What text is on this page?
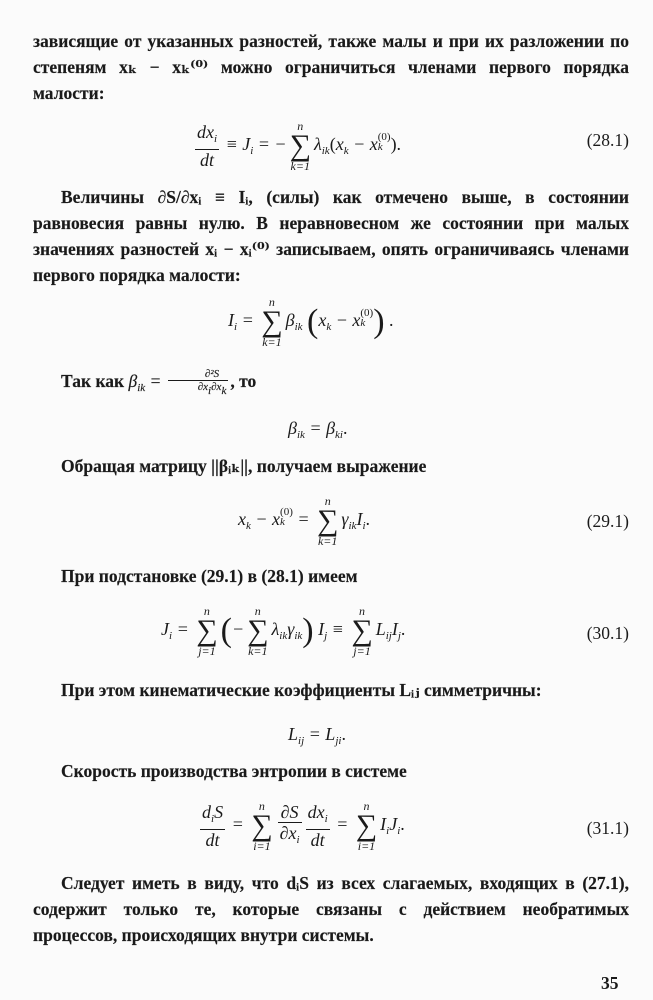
зависящие от указанных разностей, также малы и при их разложении по степеням xₖ − xₖ⁽⁰⁾ можно ограничиться членами первого порядка малости:
$\frac{dx_i}{dt} \equiv J_i$ = −
n
∑
k=1
$\lambda_{ik}(x_k - x$ (0)
k ).	(28.1)
Величины ∂S/∂xᵢ ≡ Iᵢ, (силы) как отмечено выше, в состоянии равновесия равны нулю. В неравновесном же состоянии при малых значениях разностей xᵢ − xᵢ⁽⁰⁾ записываем, опять ограничиваясь членами первого порядка малости:
$I_i$ =
n
∑
k=1
$\beta_{ik}$ ($x_k - x$ (0)
k ) .
Так как $\beta_{ik} = \frac{\text{∂²S}}{\partial xi\partial xk}$ , то
$\beta_{ik} = \beta_{ki}$.
Обращая матрицу ||βᵢₖ||, получаем выражение
$x_k - x$ (0)
k =
n
∑
k=1
$\gamma_{ik}I_i$.	(29.1)
При подстановке (29.1) в (28.1) имеем
$J_i$ =
n
∑
j=1
(−
n
∑
k=1
$\lambda_{ik}\gamma_{ik}$) $I_j$ ≡
n
∑
j=1
$L_{ij}I_j$.	(30.1)
При этом кинематические коэффициенты Lᵢⱼ симметричны:
$L_{ij} = L_{ji}$.
Скорость производства энтропии в системе
$\frac{d_iS}{dt}$ =
n
∑
$i=1 \frac{\partial S}{\partial x_i} \frac{dx_i}{dt}$ =
n
∑
i=1
$I_iJ_i$.	(31.1)
Следует иметь в виду, что dᵢS из всех слагаемых, входящих в (27.1), содержит только те, которые связаны с действием необратимых процессов, происходящих внутри системы.
35
